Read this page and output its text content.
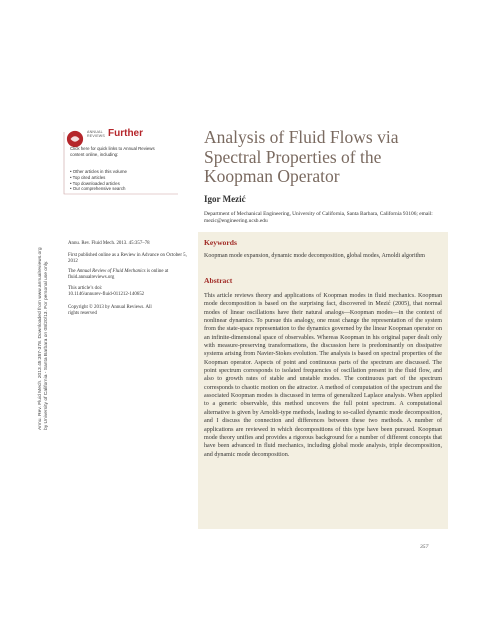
ANNUAL
REVIEWS Further
Click here for quick links to Annual Reviews content online, including:
• Other articles in this volume
• Top cited articles
• Top downloaded articles
• Our comprehensive search
Analysis of Fluid Flows via
Spectral Properties of the
Koopman Operator
Igor Mezić
Department of Mechanical Engineering, University of California, Santa Barbara, California 93106; email: mezic@engineering.ucsb.edu
Keywords
Koopman mode expansion, dynamic mode decomposition, global modes, Arnoldi algorithm
Abstract

This article reviews theory and applications of Koopman modes in fluid mechanics. Koopman mode decomposition is based on the surprising fact, discovered in Mezić (2005), that normal modes of linear oscillations have their natural analogs—Koopman modes—in the context of nonlinear dynamics. To pursue this analogy, one must change the representation of the system from the state-space representation to the dynamics governed by the linear Koopman operator on an infinite-dimensional space of observables. Whereas Koopman in his original paper dealt only with measure-preserving transformations, the discussion here is predominantly on dissipative systems arising from Navier-Stokes evolution. The analysis is based on spectral properties of the Koopman operator. Aspects of point and continuous parts of the spectrum are discussed. The point spectrum corresponds to isolated frequencies of oscillation present in the fluid flow, and also to growth rates of stable and unstable modes. The continuous part of the spectrum corresponds to chaotic motion on the attractor. A method of computation of the spectrum and the associated Koopman modes is discussed in terms of generalized Laplace analysis. When applied to a generic observable, this method uncovers the full point spectrum. A computational alternative is given by Arnoldi-type methods, leading to so-called dynamic mode decomposition, and I discuss the connection and differences between these two methods. A number of applications are reviewed in which decompositions of this type have been pursued. Koopman mode theory unifies and provides a rigorous background for a number of different concepts that have been advanced in fluid mechanics, including global mode analysis, triple decomposition, and dynamic mode decomposition.

Annu. Rev. Fluid Mech. 2013. 45:357–78
First published online as a Review in Advance on October 5, 2012
The Annual Review of Fluid Mechanics is online at fluid.annualreviews.org
This article’s doi:
10.1146/annurev-fluid-011212-140652
Copyright © 2013 by Annual Reviews. All rights reserved
Annu. Rev. Fluid Mech. 2013.45:357-378. Downloaded from www.annualreviews.org by University of California - Santa Barbara on 08/20/13. For personal use only.
357
